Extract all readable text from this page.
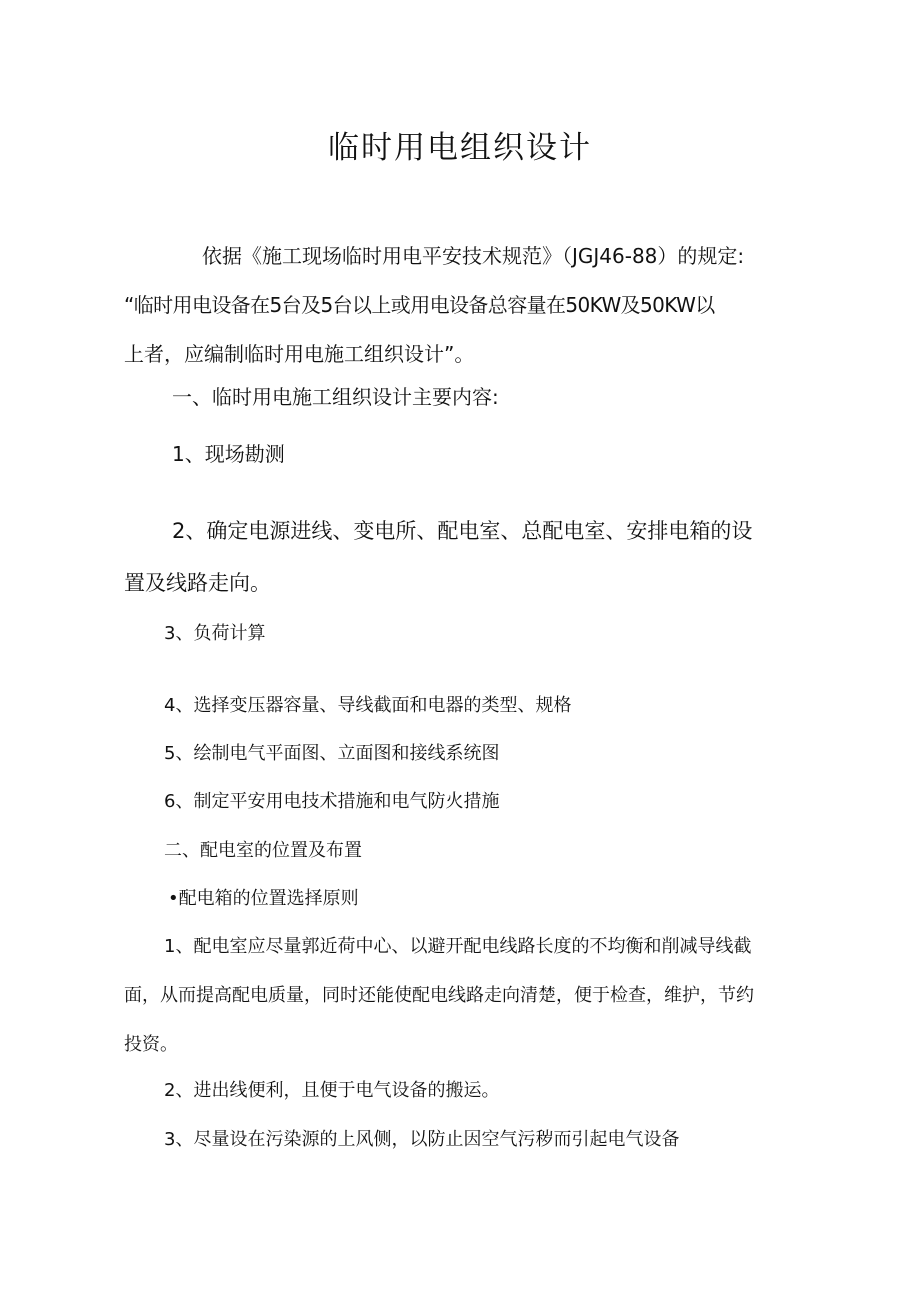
临时用电组织设计
依据《施工现场临时用电平安技术规范》（JGJ46-88）的规定:
“临时用电设备在5台及5台以上或用电设备总容量在50KW及50KW以
上者，应编制临时用电施工组织设计”。

一、临时用电施工组织设计主要内容:

1、现场勘测

2、确定电源进线、变电所、配电室、总配电室、安排电箱的设
置及线路走向。

3、负荷计算

4、选择变压器容量、导线截面和电器的类型、规格

5、绘制电气平面图、立面图和接线系统图

6、制定平安用电技术措施和电气防火措施

二、配电室的位置及布置

•配电箱的位置选择原则

1、配电室应尽量郭近荷中心、以避开配电线路长度的不均衡和削减导线截
面，从而提高配电质量，同时还能使配电线路走向清楚，便于检查，维护，节约
投资。

2、进出线便利，且便于电气设备的搬运。

3、尽量设在污染源的上风侧，以防止因空气污秽而引起电气设备
